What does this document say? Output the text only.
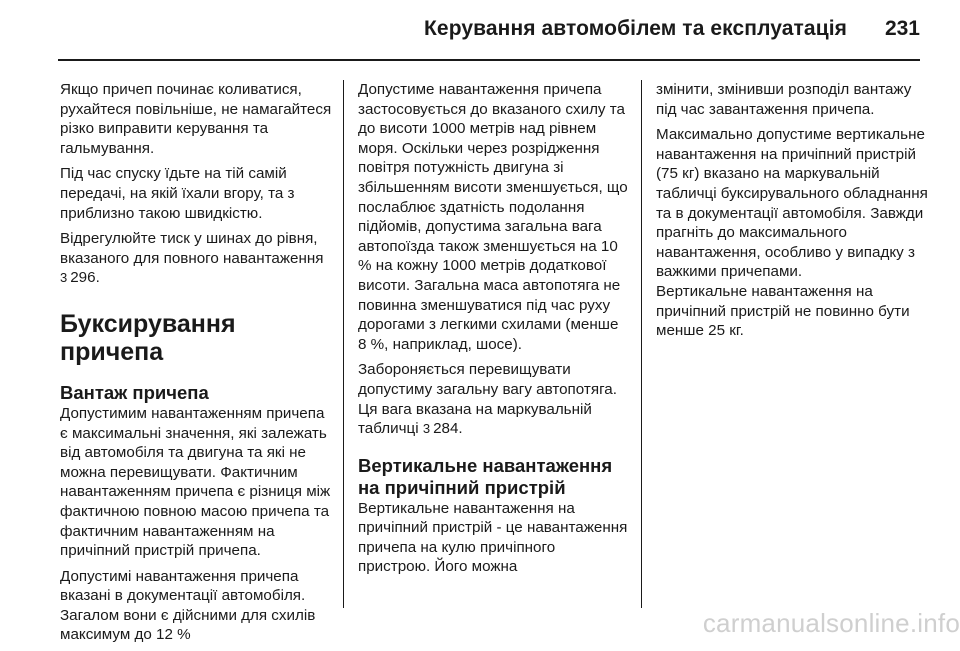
Керування автомобілем та експлуатація 231

Якщо причеп починає коливатися, рухайтеся повільніше, не намагайтеся різко виправити керування та гальмування.

Під час спуску їдьте на тій самій передачі, на якій їхали вгору, та з приблизно такою швидкістю.

Відрегулюйте тиск у шинах до рівня, вказаного для повного навантаження 3 296.

Буксирування причепа
Вантаж причепа

Допустимим навантаженням причепа є максимальні значення, які залежать від автомобіля та двигуна та які не можна перевищувати. Фактичним навантаженням причепа є різниця між фактичною повною масою причепа та фактичним навантаженням на причіпний пристрій причепа.

Допустимі навантаження причепа вказані в документації автомобіля. Загалом вони є дійсними для схилів максимум до 12 %

Допустиме навантаження причепа застосовується до вказаного схилу та до висоти 1000 метрів над рівнем моря. Оскільки через розрідження повітря потужність двигуна зі збільшенням висоти зменшується, що послаблює здатність подолання підйомів, допустима загальна вага автопоїзда також зменшується на 10 % на кожну 1000 метрів додаткової висоти. Загальна маса автопотяга не повинна зменшуватися під час руху дорогами з легкими схилами (менше 8 %, наприклад, шосе).

Забороняється перевищувати допустиму загальну вагу автопотяга. Ця вага вказана на маркувальній табличці 3 284.

Вертикальне навантаження на причіпний пристрій

Вертикальне навантаження на причіпний пристрій - це навантаження причепа на кулю причіпного пристрою. Його можна

змінити, змінивши розподіл вантажу під час завантаження причепа.

Максимально допустиме вертикальне навантаження на причіпний пристрій (75 кг) вказано на маркувальній табличці буксирувального обладнання та в документації автомобіля. Завжди прагніть до максимального навантаження, особливо у випадку з важкими причепами.

Вертикальне навантаження на причіпний пристрій не повинно бути менше 25 кг.

carmanualsonline.info
